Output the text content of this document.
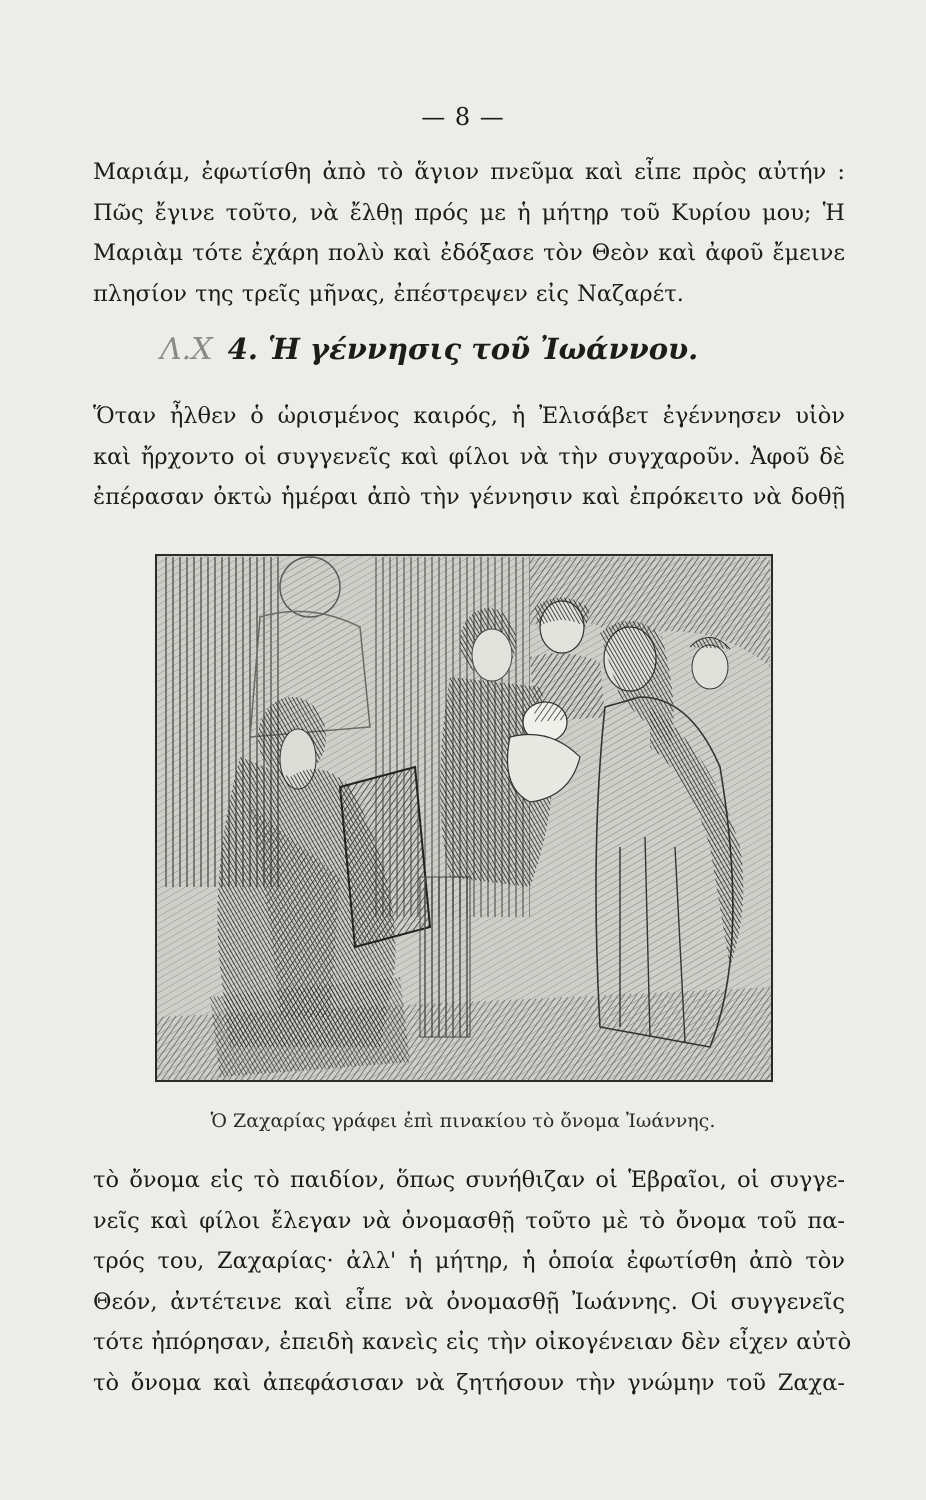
— 8 —

Μαριάμ, ἐφωτίσθη ἀπὸ τὸ ἅγιον πνεῦμα καὶ εἶπε πρὸς αὐτήν :
Πῶς ἔγινε τοῦτο, νὰ ἔλθῃ πρός με ἡ μήτηρ τοῦ Κυρίου μου; Ἡ
Μαριὰμ τότε ἐχάρη πολὺ καὶ ἐδόξασε τὸν Θεὸν καὶ ἀφοῦ ἔμεινε
πλησίον της τρεῖς μῆνας, ἐπέστρεψεν εἰς Ναζαρέτ.

Λ.Χ 4. Ἡ γέννησις τοῦ Ἰωάννου.

Ὅταν ἦλθεν ὁ ὡρισμένος καιρός, ἡ Ἐλισάβετ ἐγέννησεν υἱὸν
καὶ ἤρχοντο οἱ συγγενεῖς καὶ φίλοι νὰ τὴν συγχαροῦν. Ἀφοῦ δὲ
ἐπέρασαν ὀκτὼ ἡμέραι ἀπὸ τὴν γέννησιν καὶ ἐπρόκειτο νὰ δοθῇ

Ὁ Ζαχαρίας γράφει ἐπὶ πινακίου τὸ ὄνομα Ἰωάννης.

τὸ ὄνομα εἰς τὸ παιδίον, ὅπως συνήθιζαν οἱ Ἑβραῖοι, οἱ συγγε-
νεῖς καὶ φίλοι ἔλεγαν νὰ ὀνομασθῇ τοῦτο μὲ τὸ ὄνομα τοῦ πα-
τρός του, Ζαχαρίας· ἀλλ' ἡ μήτηρ, ἡ ὁποία ἐφωτίσθη ἀπὸ τὸν
Θεόν, ἀντέτεινε καὶ εἶπε νὰ ὀνομασθῇ Ἰωάννης. Οἱ συγγενεῖς
τότε ἠπόρησαν, ἐπειδὴ κανεὶς εἰς τὴν οἰκογένειαν δὲν εἶχεν αὐτὸ
τὸ ὄνομα καὶ ἀπεφάσισαν νὰ ζητήσουν τὴν γνώμην τοῦ Ζαχα-
